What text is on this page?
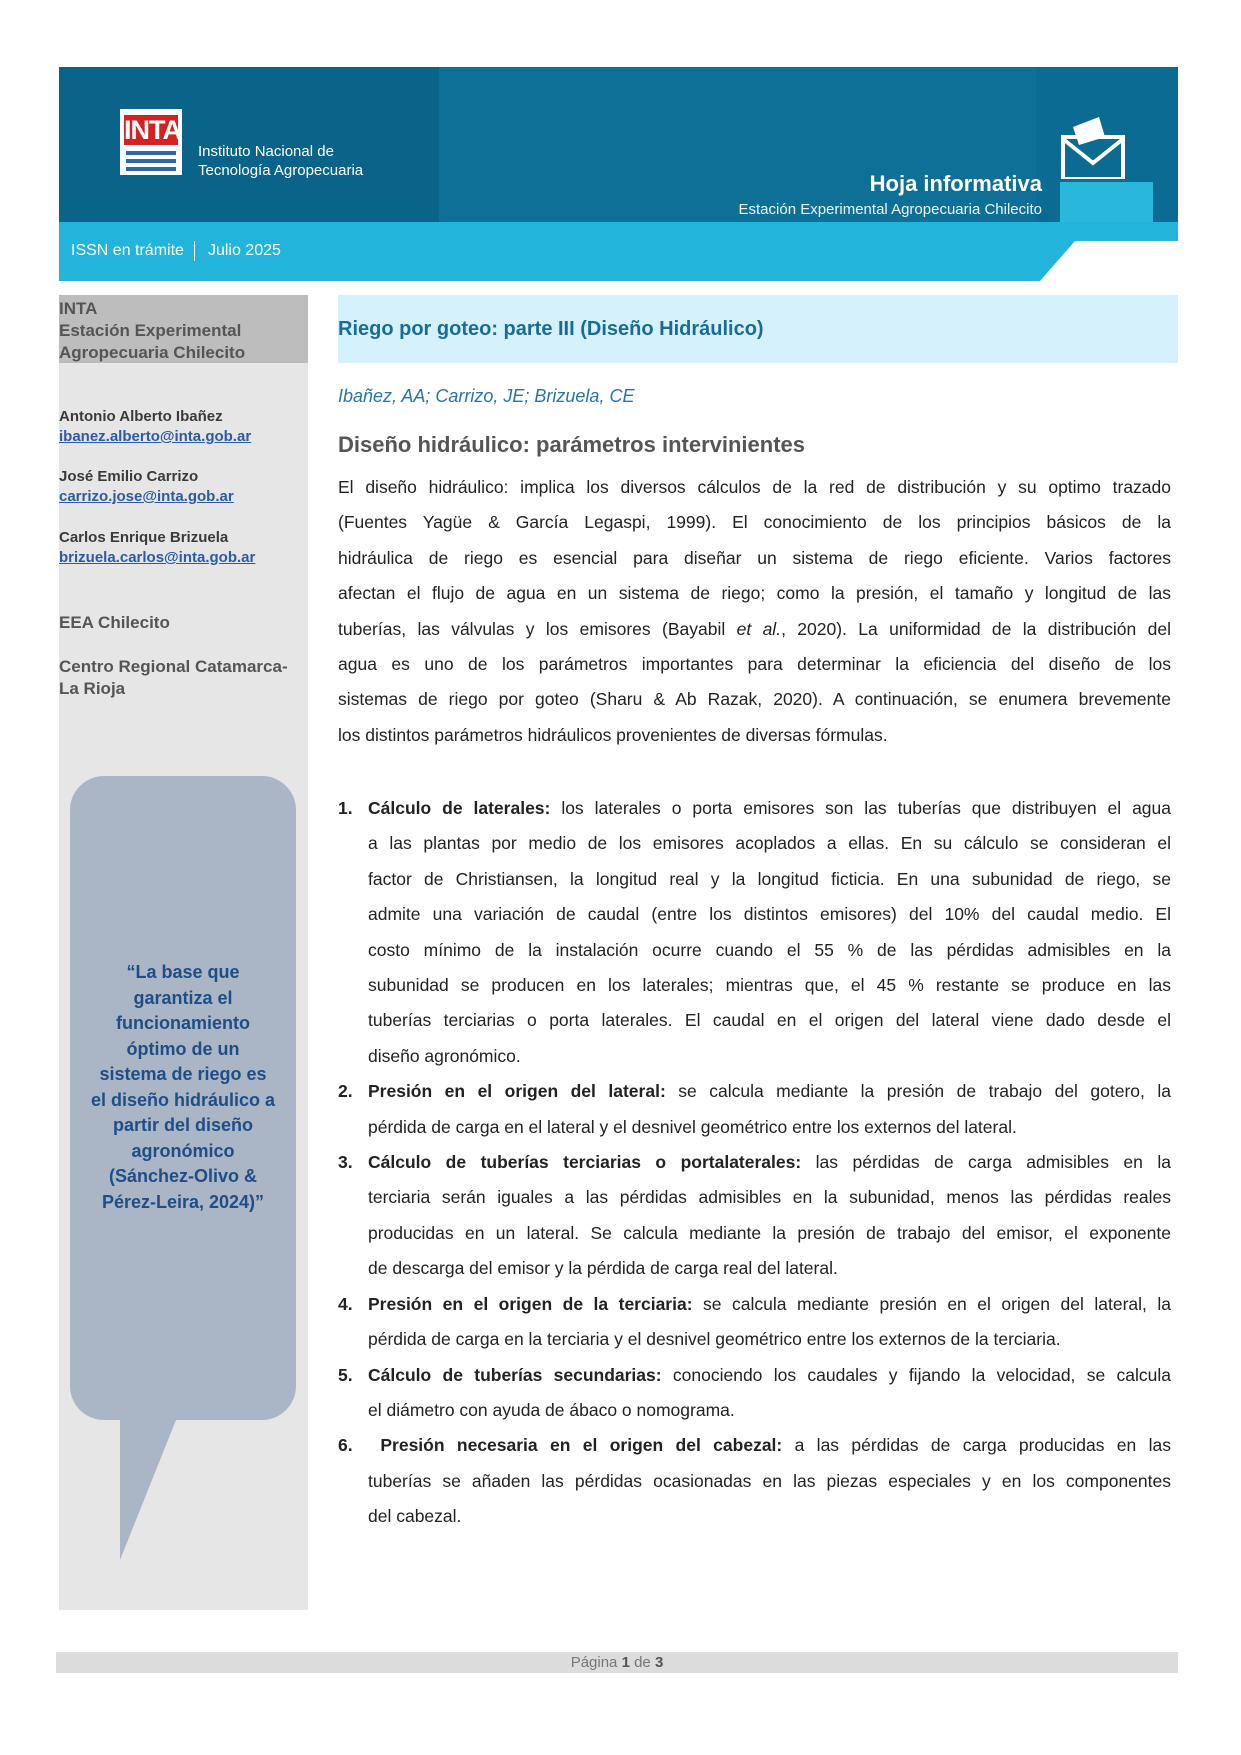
INTA
Instituto Nacional de
Tecnología Agropecuaria
Hoja informativa
Estación Experimental Agropecuaria Chilecito
ISSN en trámite Julio 2025
INTA
Estación Experimental
Agropecuaria Chilecito
Antonio Alberto Ibañez
ibanez.alberto@inta.gob.ar
José Emilio Carrizo
carrizo.jose@inta.gob.ar
Carlos Enrique Brizuela
brizuela.carlos@inta.gob.ar
EEA Chilecito
Centro Regional Catamarca-
La Rioja
“La base que
garantiza el
funcionamiento
óptimo de un
sistema de riego es
el diseño hidráulico a
partir del diseño
agronómico
(Sánchez-Olivo &
Pérez-Leira, 2024)”
Riego por goteo: parte III (Diseño Hidráulico)
Ibañez, AA; Carrizo, JE; Brizuela, CE
Diseño hidráulico: parámetros intervinientes
El diseño hidráulico: implica los diversos cálculos de la red de distribución y su optimo trazado
(Fuentes Yagüe & García Legaspi, 1999). El conocimiento de los principios básicos de la
hidráulica de riego es esencial para diseñar un sistema de riego eficiente. Varios factores
afectan el flujo de agua en un sistema de riego; como la presión, el tamaño y longitud de las
tuberías, las válvulas y los emisores (Bayabil et al., 2020). La uniformidad de la distribución del
agua es uno de los parámetros importantes para determinar la eficiencia del diseño de los
sistemas de riego por goteo (Sharu & Ab Razak, 2020). A continuación, se enumera brevemente
los distintos parámetros hidráulicos provenientes de diversas fórmulas.
1. Cálculo de laterales: los laterales o porta emisores son las tuberías que distribuyen el agua
a las plantas por medio de los emisores acoplados a ellas. En su cálculo se consideran el
factor de Christiansen, la longitud real y la longitud ficticia. En una subunidad de riego, se
admite una variación de caudal (entre los distintos emisores) del 10% del caudal medio. El
costo mínimo de la instalación ocurre cuando el 55 % de las pérdidas admisibles en la
subunidad se producen en los laterales; mientras que, el 45 % restante se produce en las
tuberías terciarias o porta laterales. El caudal en el origen del lateral viene dado desde el
diseño agronómico.
2. Presión en el origen del lateral: se calcula mediante la presión de trabajo del gotero, la
pérdida de carga en el lateral y el desnivel geométrico entre los externos del lateral.
3. Cálculo de tuberías terciarias o portalaterales: las pérdidas de carga admisibles en la
terciaria serán iguales a las pérdidas admisibles en la subunidad, menos las pérdidas reales
producidas en un lateral. Se calcula mediante la presión de trabajo del emisor, el exponente
de descarga del emisor y la pérdida de carga real del lateral.
4. Presión en el origen de la terciaria: se calcula mediante presión en el origen del lateral, la
pérdida de carga en la terciaria y el desnivel geométrico entre los externos de la terciaria.
5. Cálculo de tuberías secundarias: conociendo los caudales y fijando la velocidad, se calcula
el diámetro con ayuda de ábaco o nomograma.
6. Presión necesaria en el origen del cabezal: a las pérdidas de carga producidas en las
tuberías se añaden las pérdidas ocasionadas en las piezas especiales y en los componentes
del cabezal.
Página 1 de 3
